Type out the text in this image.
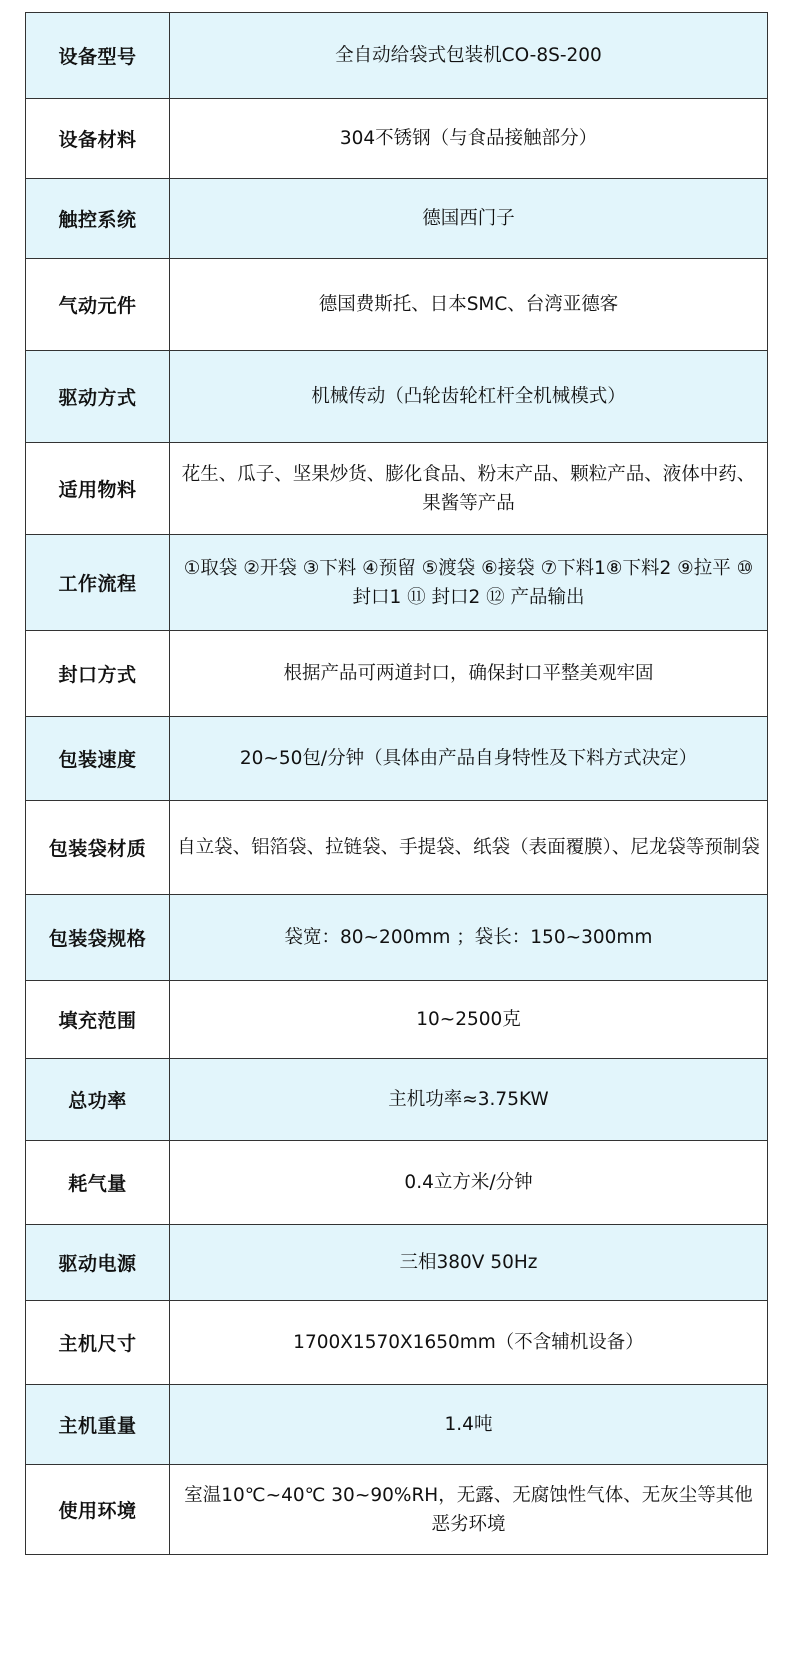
设备型号	全自动给袋式包装机CO-8S-200
设备材料	304不锈钢（与食品接触部分）
触控系统	德国西门子
气动元件	德国费斯托、日本SMC、台湾亚德客
驱动方式	机械传动（凸轮齿轮杠杆全机械模式）
适用物料	花生、瓜子、坚果炒货、膨化食品、粉末产品、颗粒产品、液体中药、果酱等产品
工作流程	①取袋 ②开袋 ③下料 ④预留 ⑤渡袋 ⑥接袋 ⑦下料1⑧下料2 ⑨拉平 ⑩封口1 ⑪ 封口2 ⑫ 产品输出
封口方式	根据产品可两道封口，确保封口平整美观牢固
包装速度	20~50包/分钟（具体由产品自身特性及下料方式决定）
包装袋材质	自立袋、铝箔袋、拉链袋、手提袋、纸袋（表面覆膜）、尼龙袋等预制袋
包装袋规格	袋宽：80~200mm ；袋长：150~300mm
填充范围	10~2500克
总功率	主机功率≈3.75KW
耗气量	0.4立方米/分钟
驱动电源	三相380V 50Hz
主机尺寸	1700X1570X1650mm（不含辅机设备）
主机重量	1.4吨
使用环境	室温10℃~40℃ 30~90%RH，无露、无腐蚀性气体、无灰尘等其他恶劣环境
